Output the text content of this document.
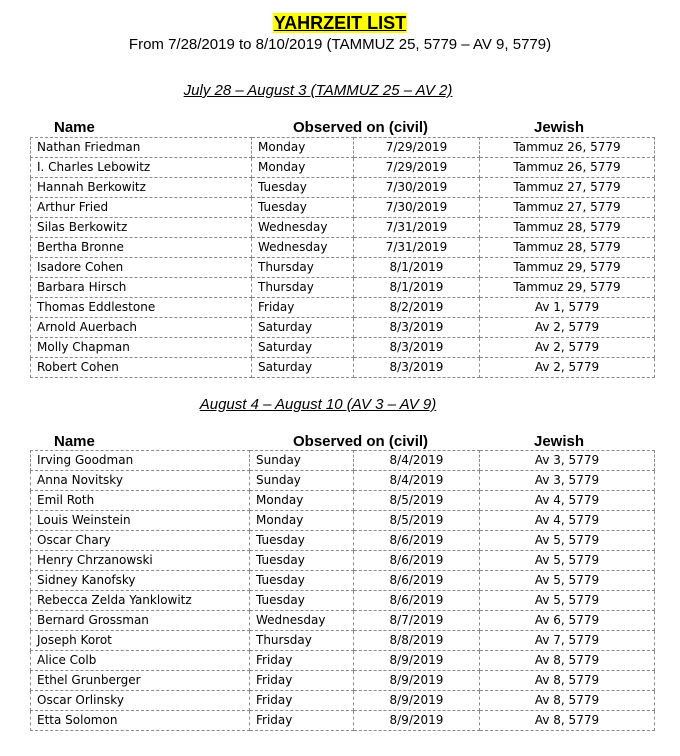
YAHRZEIT LIST
From 7/28/2019 to 8/10/2019 (TAMMUZ 25, 5779 – AV 9, 5779)
July 28 – August 3 (TAMMUZ 25 – AV 2)
Name	Observed on (civil)	Jewish
Nathan Friedman	Monday	7/29/2019	Tammuz 26, 5779
I. Charles Lebowitz	Monday	7/29/2019	Tammuz 26, 5779
Hannah Berkowitz	Tuesday	7/30/2019	Tammuz 27, 5779
Arthur Fried	Tuesday	7/30/2019	Tammuz 27, 5779
Silas Berkowitz	Wednesday	7/31/2019	Tammuz 28, 5779
Bertha Bronne	Wednesday	7/31/2019	Tammuz 28, 5779
Isadore Cohen	Thursday	8/1/2019	Tammuz 29, 5779
Barbara Hirsch	Thursday	8/1/2019	Tammuz 29, 5779
Thomas Eddlestone	Friday	8/2/2019	Av 1, 5779
Arnold Auerbach	Saturday	8/3/2019	Av 2, 5779
Molly Chapman	Saturday	8/3/2019	Av 2, 5779
Robert Cohen	Saturday	8/3/2019	Av 2, 5779
August 4 – August 10 (AV 3 – AV 9)
Name	Observed on (civil)	Jewish
Irving Goodman	Sunday	8/4/2019	Av 3, 5779
Anna Novitsky	Sunday	8/4/2019	Av 3, 5779
Emil Roth	Monday	8/5/2019	Av 4, 5779
Louis Weinstein	Monday	8/5/2019	Av 4, 5779
Oscar Chary	Tuesday	8/6/2019	Av 5, 5779
Henry Chrzanowski	Tuesday	8/6/2019	Av 5, 5779
Sidney Kanofsky	Tuesday	8/6/2019	Av 5, 5779
Rebecca Zelda Yanklowitz	Tuesday	8/6/2019	Av 5, 5779
Bernard Grossman	Wednesday	8/7/2019	Av 6, 5779
Joseph Korot	Thursday	8/8/2019	Av 7, 5779
Alice Colb	Friday	8/9/2019	Av 8, 5779
Ethel Grunberger	Friday	8/9/2019	Av 8, 5779
Oscar Orlinsky	Friday	8/9/2019	Av 8, 5779
Etta Solomon	Friday	8/9/2019	Av 8, 5779
